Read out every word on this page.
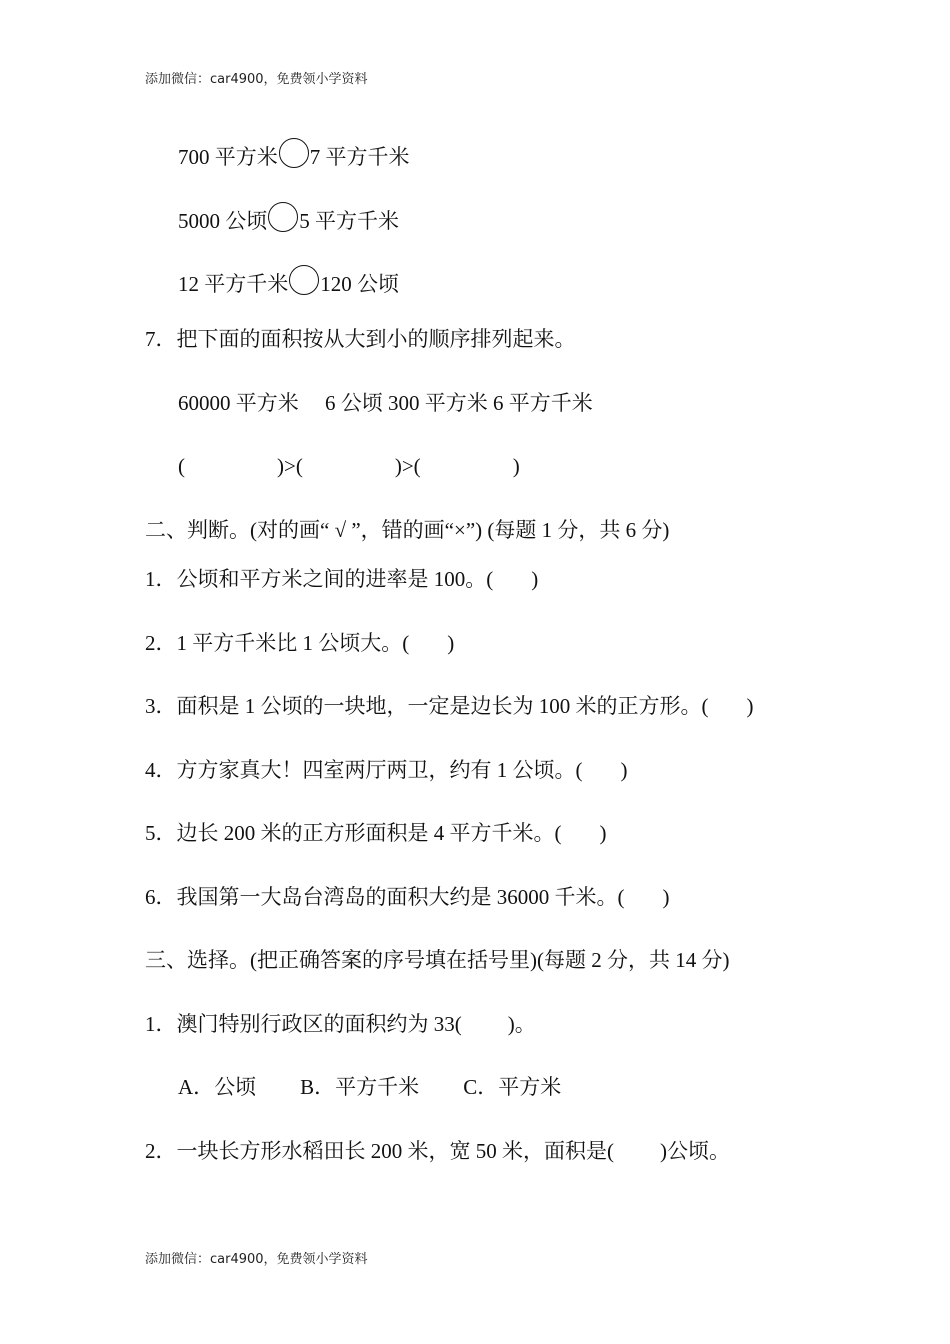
添加微信：car4900，免费领小学资料
700 平方米 7 平方千米
5000 公顷 5 平方千米
12 平方千米 120 公顷
7．把下面的面积按从大到小的顺序排列起来。
60000 平方米　 6 公顷 300 平方米 6 平方千米
(	)>(	)>(	)
二、判断。(对的画“ √ ”，错的画“×”) (每题 1 分，共 6 分)
1．公顷和平方米之间的进率是 100。( )
2．1 平方千米比 1 公顷大。( )
3．面积是 1 公顷的一块地，一定是边长为 100 米的正方形。( )
4．方方家真大！四室两厅两卫，约有 1 公顷。( )
5．边长 200 米的正方形面积是 4 平方千米。( )
6．我国第一大岛台湾岛的面积大约是 36000 千米。( )
三、选择。(把正确答案的序号填在括号里)(每题 2 分，共 14 分)
1．澳门特别行政区的面积约为 33( )。
A．公顷 B．平方千米 C．平方米
2．一块长方形水稻田长 200 米，宽 50 米，面积是( )公顷。
添加微信：car4900，免费领小学资料
